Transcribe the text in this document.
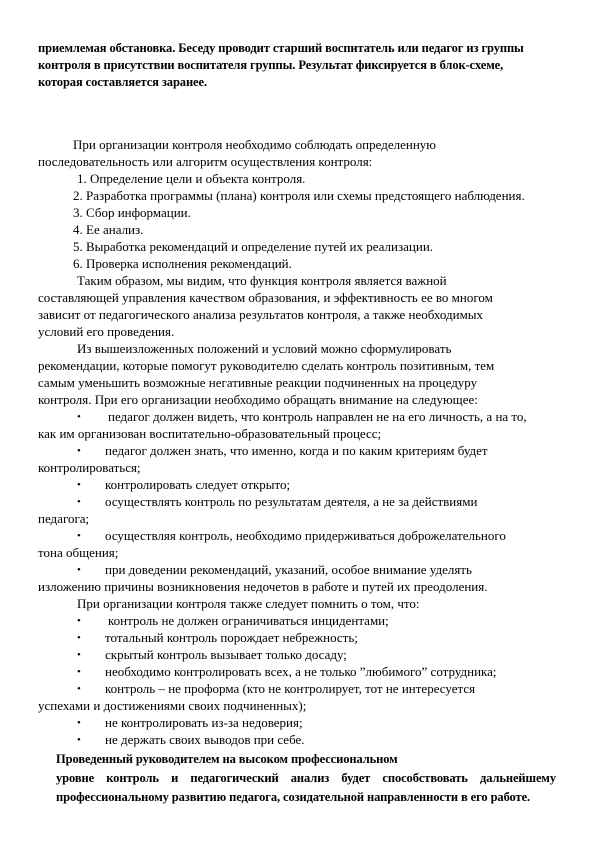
приемлемая обстановка. Беседу проводит старший воспитатель или педагог из группы
контроля в присутствии воспитателя группы. Результат фиксируется в блок-схеме,
которая составляется заранее.
При организации контроля необходимо соблюдать определенную
последовательность или алгоритм осуществления контроля:
1. Определение цели и объекта контроля.
2. Разработка программы (плана) контроля или схемы предстоящего наблюдения.
3. Сбор информации.
4. Ее анализ.
5. Выработка рекомендаций и определение путей их реализации.
6. Проверка исполнения рекомендаций.
Таким образом, мы видим, что функция контроля является важной
составляющей управления качеством образования, и эффективность ее во многом
зависит от педагогического анализа результатов контроля, а также необходимых
условий его проведения.
Из вышеизложенных положений и условий можно сформулировать
рекомендации, которые помогут руководителю сделать контроль позитивным, тем
самым уменьшить возможные негативные реакции подчиненных на процедуру
контроля. При его организации необходимо обращать внимание на следующее:
• педагог должен видеть, что контроль направлен не на его личность, а на то,
как им организован воспитательно-образовательный процесс;
• педагог должен знать, что именно, когда и по каким критериям будет
контролироваться;
• контролировать следует открыто;
• осуществлять контроль по результатам деятеля, а не за действиями
педагога;
• осуществляя контроль, необходимо придерживаться доброжелательного
тона общения;
• при доведении рекомендаций, указаний, особое внимание уделять
изложению причины возникновения недочетов в работе и путей их преодоления.
При организации контроля также следует помнить о том, что:
• контроль не должен ограничиваться инцидентами;
• тотальный контроль порождает небрежность;
• скрытый контроль вызывает только досаду;
• необходимо контролировать всех, а не только ”любимого” сотрудника;
• контроль – не проформа (кто не контролирует, тот не интересуется
успехами и достижениями своих подчиненных);
• не контролировать из-за недоверия;
• не держать своих выводов при себе.
Проведенный руководителем на высоком профессиональном
уровне контроль и педагогический анализ будет способствовать дальнейшему
профессиональному развитию педагога, созидательной направленности в его работе.
